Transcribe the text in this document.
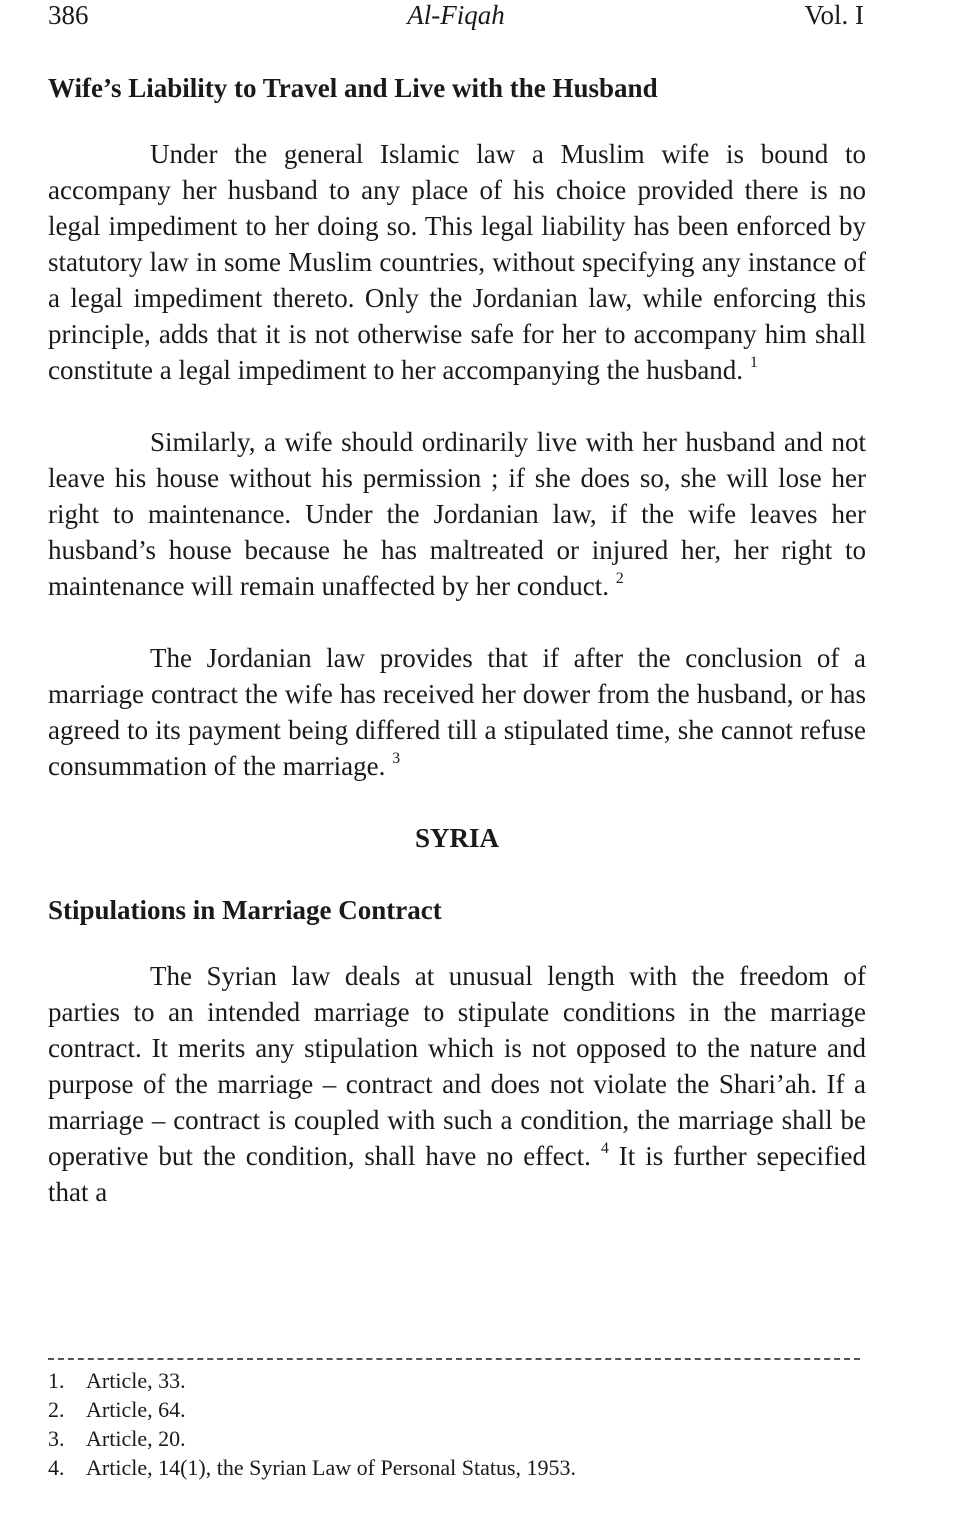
386	Al-Fiqah	Vol. I
Wife’s Liability to Travel and Live with the Husband

Under the general Islamic law a Muslim wife is bound to accompany her husband to any place of his choice provided there is no legal impediment to her doing so. This legal liability has been enforced by statutory law in some Muslim countries, without specifying any instance of a legal impediment thereto. Only the Jordanian law, while enforcing this principle, adds that it is not otherwise safe for her to accompany him shall constitute a legal impediment to her accompanying the husband. $^1$

Similarly, a wife should ordinarily live with her husband and not leave his house without his permission ; if she does so, she will lose her right to maintenance. Under the Jordanian law, if the wife leaves her husband’s house because he has maltreated or injured her, her right to maintenance will remain unaffected by her conduct. $^2$

The Jordanian law provides that if after the conclusion of a marriage contract the wife has received her dower from the husband, or has agreed to its payment being differed till a stipulated time, she cannot refuse consummation of the marriage. $^3$

SYRIA
Stipulations in Marriage Contract

The Syrian law deals at unusual length with the freedom of parties to an intended marriage to stipulate conditions in the marriage contract. It merits any stipulation which is not opposed to the nature and purpose of the marriage – contract and does not violate the Shari’ah. If a marriage – contract is coupled with such a condition, the marriage shall be operative but the condition, shall have no effect. $^4$ It is further sepecified that a

1. Article, 33.
2. Article, 64.
3. Article, 20.
4. Article, 14(1), the Syrian Law of Personal Status, 1953.
